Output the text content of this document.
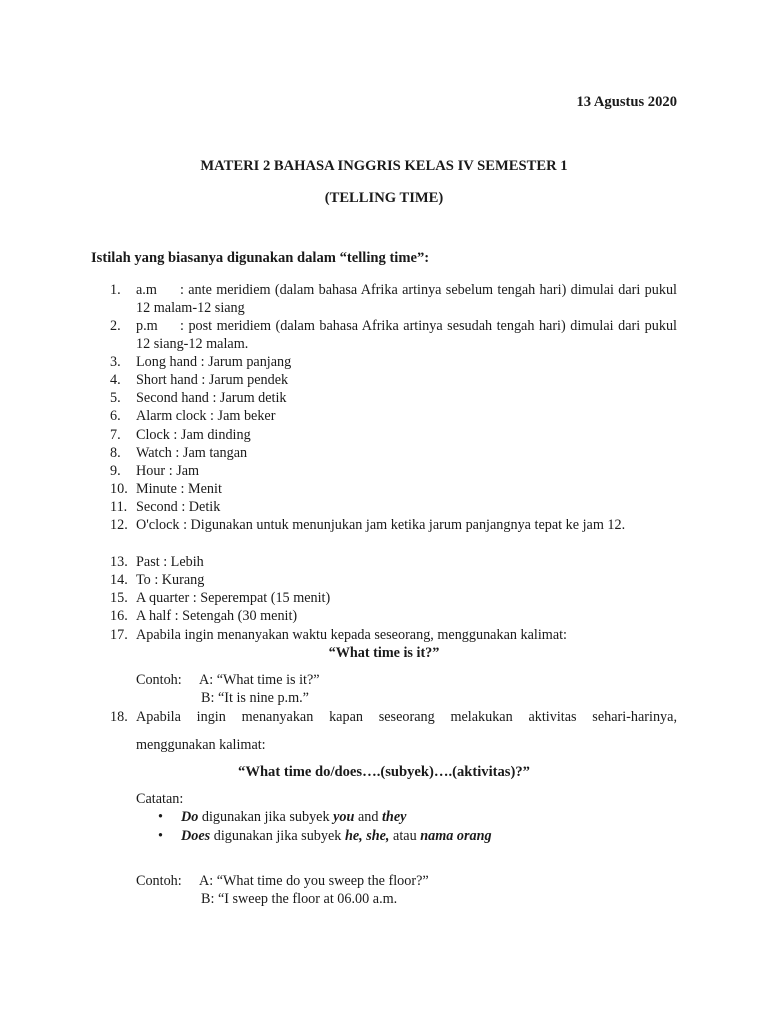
13 Agustus 2020
MATERI 2 BAHASA INGGRIS KELAS IV SEMESTER 1
(TELLING TIME)
Istilah yang biasanya digunakan dalam “telling time”:
1. a.m : ante meridiem (dalam bahasa Afrika artinya sebelum tengah hari) dimulai dari pukul 12 malam-12 siang
2. p.m : post meridiem (dalam bahasa Afrika artinya sesudah tengah hari) dimulai dari pukul 12 siang-12 malam.
3. Long hand : Jarum panjang
4. Short hand : Jarum pendek
5. Second hand : Jarum detik
6. Alarm clock : Jam beker
7. Clock : Jam dinding
8. Watch : Jam tangan
9. Hour : Jam
10. Minute : Menit
11. Second : Detik
12. O'clock : Digunakan untuk menunjukan jam ketika jarum panjangnya tepat ke jam 12.
13. Past : Lebih
14. To : Kurang
15. A quarter : Seperempat (15 menit)
16. A half : Setengah (30 menit)
17. Apabila ingin menanyakan waktu kepada seseorang, menggunakan kalimat:
“What time is it?”
Contoh: A: “What time is it?”
B: “It is nine p.m.”
18. Apabila ingin menanyakan kapan seseorang melakukan aktivitas sehari-harinya,
menggunakan kalimat:
“What time do/does….(subyek)….(aktivitas)?”
Catatan:
• Do digunakan jika subyek you and they
• Does digunakan jika subyek he, she, atau nama orang
Contoh: A: “What time do you sweep the floor?”
B: “I sweep the floor at 06.00 a.m.
